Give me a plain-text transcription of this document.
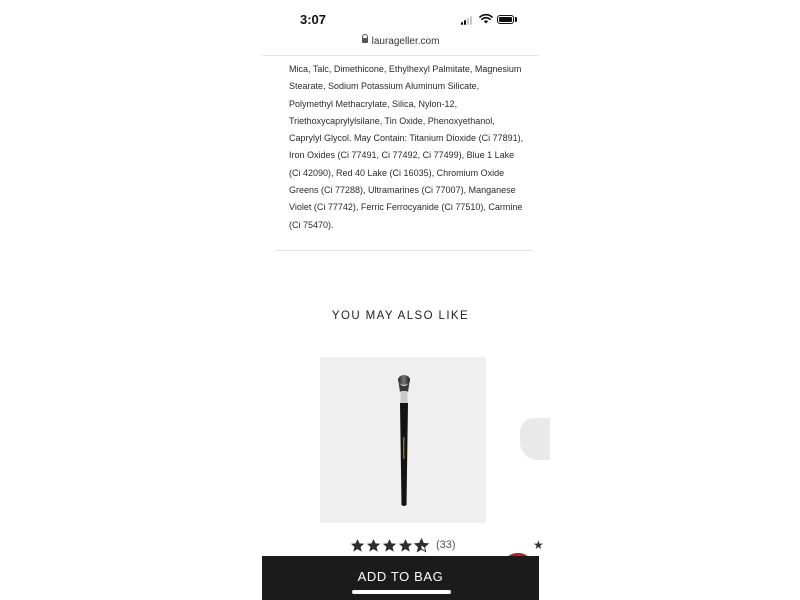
3:07
laurageller.com

Mica, Talc, Dimethicone, Ethylhexyl Palmitate, Magnesium Stearate, Sodium Potassium Aluminum Silicate, Polymethyl Methacrylate, Silica, Nylon-12, Triethoxycaprylylsilane, Tin Oxide, Phenoxyethanol, Caprylyl Glycol. May Contain: Titanium Dioxide (Ci 77891), Iron Oxides (Ci 77491, Ci 77492, Ci 77499), Blue 1 Lake (Ci 42090), Red 40 Lake (Ci 16035), Chromium Oxide Greens (Ci 77288), Ultramarines (Ci 77007), Manganese Violet (Ci 77742), Ferric Ferrocyanide (Ci 77510), Carmine (Ci 75470).

YOU MAY ALSO LIKE
(33)	★
ADD TO BAG
